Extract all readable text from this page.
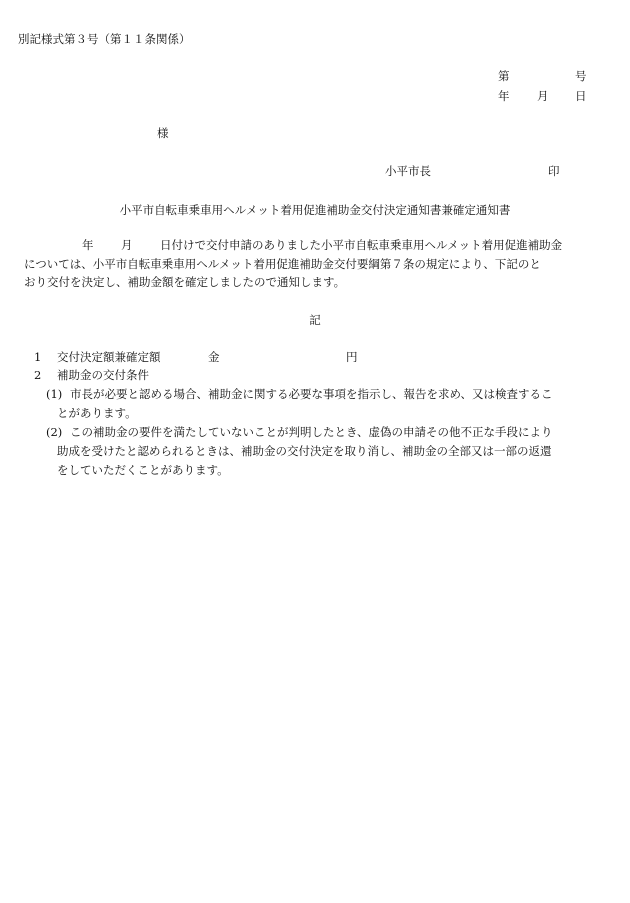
別記様式第３号（第１１条関係）
第	号
年 月 日
様
小平市長	印
小平市自転車乗車用ヘルメット着用促進補助金交付決定通知書兼確定通知書
年 月 日付けで交付申請のありました小平市自転車乗車用ヘルメット着用促進補助金
については、小平市自転車乗車用ヘルメット着用促進補助金交付要綱第７条の規定により、下記のと
おり交付を決定し、補助金額を確定しましたので通知します。
記
1 交付決定額兼確定額	金	円
2 補助金の交付条件
(1) 市長が必要と認める場合、補助金に関する必要な事項を指示し、報告を求め、又は検査するこ
とがあります。
(2) この補助金の要件を満たしていないことが判明したとき、虚偽の申請その他不正な手段により
助成を受けたと認められるときは、補助金の交付決定を取り消し、補助金の全部又は一部の返還
をしていただくことがあります。
